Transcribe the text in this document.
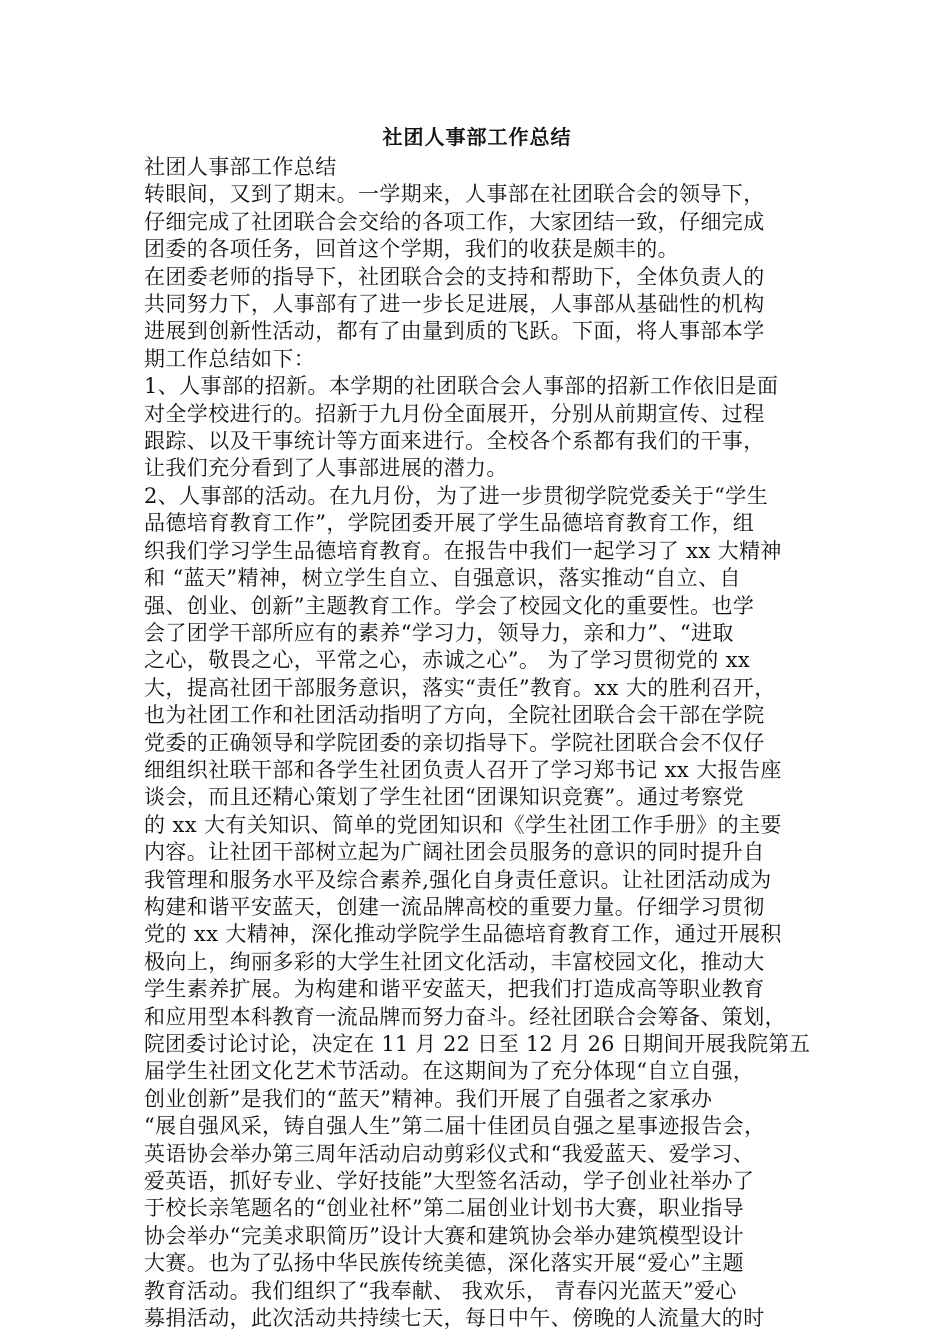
社团人事部工作总结
社团人事部工作总结
转眼间，又到了期末。一学期来，人事部在社团联合会的领导下，
仔细完成了社团联合会交给的各项工作，大家团结一致，仔细完成
团委的各项任务，回首这个学期，我们的收获是颇丰的。
在团委老师的指导下，社团联合会的支持和帮助下，全体负责人的
共同努力下，人事部有了进一步长足进展，人事部从基础性的机构
进展到创新性活动，都有了由量到质的飞跃。下面，将人事部本学
期工作总结如下：
1、人事部的招新。本学期的社团联合会人事部的招新工作依旧是面
对全学校进行的。招新于九月份全面展开，分别从前期宣传、过程
跟踪、以及干事统计等方面来进行。全校各个系都有我们的干事，
让我们充分看到了人事部进展的潜力。
2、人事部的活动。在九月份，为了进一步贯彻学院党委关于“学生
品德培育教育工作”，学院团委开展了学生品德培育教育工作，组
织我们学习学生品德培育教育。在报告中我们一起学习了 xx 大精神
和 “蓝天”精神，树立学生自立、自强意识，落实推动“自立、自
强、创业、创新”主题教育工作。学会了校园文化的重要性。也学
会了团学干部所应有的素养“学习力，领导力，亲和力”、“进取
之心，敬畏之心，平常之心，赤诚之心”。 为了学习贯彻党的 xx
大，提高社团干部服务意识，落实“责任”教育。xx 大的胜利召开，
也为社团工作和社团活动指明了方向，全院社团联合会干部在学院
党委的正确领导和学院团委的亲切指导下。学院社团联合会不仅仔
细组织社联干部和各学生社团负责人召开了学习郑书记 xx 大报告座
谈会，而且还精心策划了学生社团“团课知识竞赛”。通过考察党
的 xx 大有关知识、简单的党团知识和《学生社团工作手册》的主要
内容。让社团干部树立起为广阔社团会员服务的意识的同时提升自
我管理和服务水平及综合素养,强化自身责任意识。让社团活动成为
构建和谐平安蓝天，创建一流品牌高校的重要力量。仔细学习贯彻
党的 xx 大精神，深化推动学院学生品德培育教育工作，通过开展积
极向上，绚丽多彩的大学生社团文化活动，丰富校园文化，推动大
学生素养扩展。为构建和谐平安蓝天，把我们打造成高等职业教育
和应用型本科教育一流品牌而努力奋斗。经社团联合会筹备、策划，
院团委讨论讨论，决定在 11 月 22 日至 12 月 26 日期间开展我院第五
届学生社团文化艺术节活动。在这期间为了充分体现“自立自强，
创业创新”是我们的“蓝天”精神。我们开展了自强者之家承办
“展自强风采，铸自强人生”第二届十佳团员自强之星事迹报告会，
英语协会举办第三周年活动启动剪彩仪式和“我爱蓝天、爱学习、
爱英语，抓好专业、学好技能”大型签名活动，学子创业社举办了
于校长亲笔题名的“创业社杯”第二届创业计划书大赛，职业指导
协会举办“完美求职简历”设计大赛和建筑协会举办建筑模型设计
大赛。也为了弘扬中华民族传统美德，深化落实开展“爱心”主题
教育活动。我们组织了“我奉献、 我欢乐， 青春闪光蓝天”爱心
募捐活动，此次活动共持续七天，每日中午、傍晚的人流量大的时
